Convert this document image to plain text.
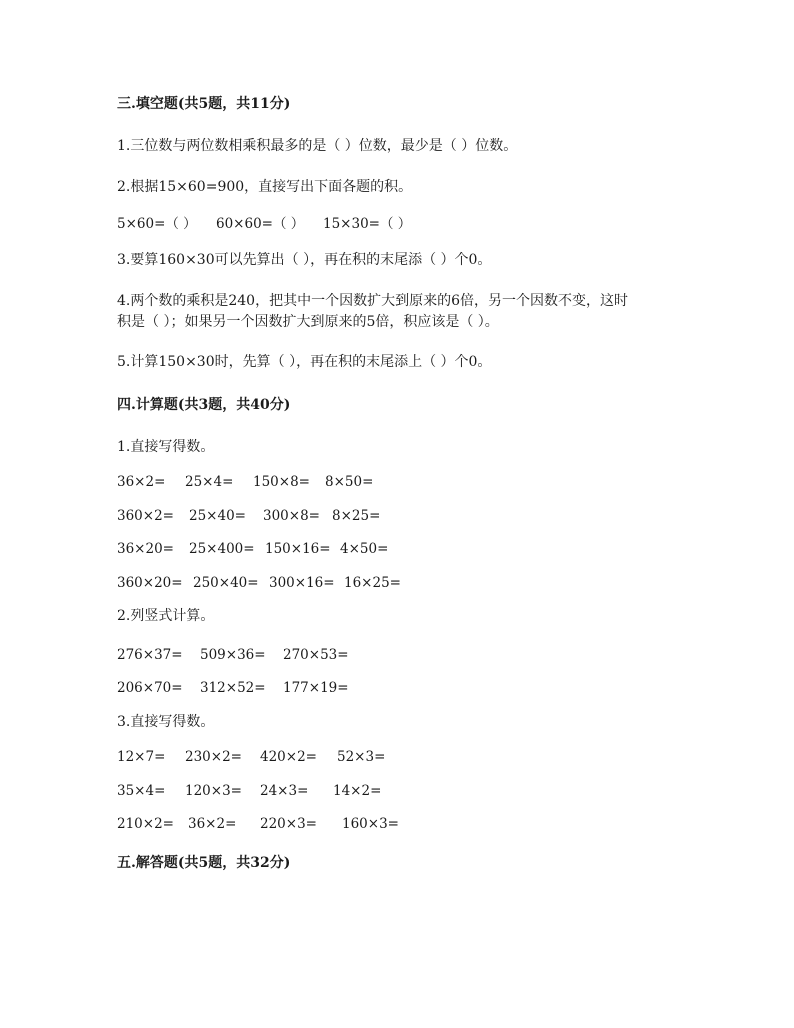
三.填空题(共5题，共11分)
1.三位数与两位数相乘积最多的是（ ）位数，最少是（ ）位数。
2.根据15×60=900，直接写出下面各题的积。
5×60=（ ） 60×60=（ ） 15×30=（ ）
3.要算160×30可以先算出（ ），再在积的末尾添（ ）个0。
4.两个数的乘积是240，把其中一个因数扩大到原来的6倍，另一个因数不变，这时
积是（ ）；如果另一个因数扩大到原来的5倍，积应该是（ ）。
5.计算150×30时，先算（ ），再在积的末尾添上（ ）个0。
四.计算题(共3题，共40分)
1.直接写得数。
36×2= 25×4= 150×8= 8×50=
360×2= 25×40= 300×8= 8×25=
36×20= 25×400= 150×16= 4×50=
360×20= 250×40= 300×16= 16×25=
2.列竖式计算。
276×37= 509×36= 270×53=
206×70= 312×52= 177×19=
3.直接写得数。
12×7= 230×2= 420×2= 52×3=
35×4= 120×3= 24×3= 14×2=
210×2= 36×2= 220×3= 160×3=
五.解答题(共5题，共32分)
